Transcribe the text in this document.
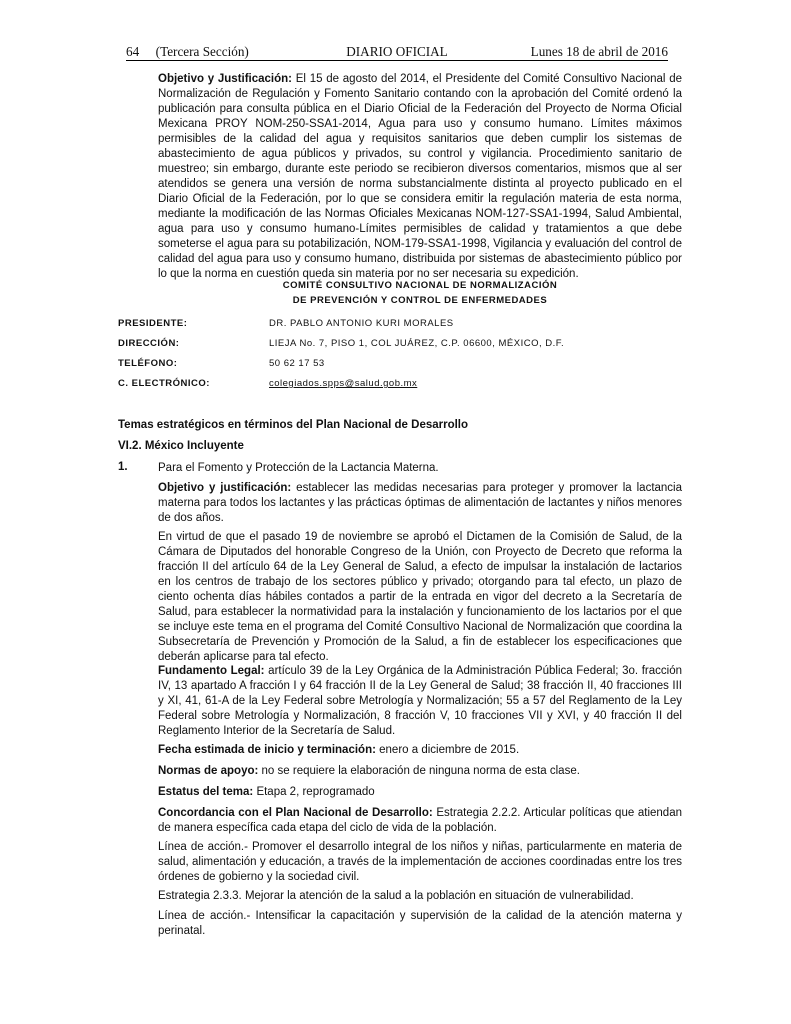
64     (Tercera Sección)	DIARIO OFICIAL	Lunes 18 de abril de 2016

Objetivo y Justificación: El 15 de agosto del 2014, el Presidente del Comité Consultivo Nacional de Normalización de Regulación y Fomento Sanitario contando con la aprobación del Comité ordenó la publicación para consulta pública en el Diario Oficial de la Federación del Proyecto de Norma Oficial Mexicana PROY NOM-250-SSA1-2014, Agua para uso y consumo humano. Límites máximos permisibles de la calidad del agua y requisitos sanitarios que deben cumplir los sistemas de abastecimiento de agua públicos y privados, su control y vigilancia. Procedimiento sanitario de muestreo; sin embargo, durante este periodo se recibieron diversos comentarios, mismos que al ser atendidos se genera una versión de norma substancialmente distinta al proyecto publicado en el Diario Oficial de la Federación, por lo que se considera emitir la regulación materia de esta norma, mediante la modificación de las Normas Oficiales Mexicanas NOM-127-SSA1-1994, Salud Ambiental, agua para uso y consumo humano-Límites permisibles de calidad y tratamientos a que debe someterse el agua para su potabilización, NOM-179-SSA1-1998, Vigilancia y evaluación del control de calidad del agua para uso y consumo humano, distribuida por sistemas de abastecimiento público por lo que la norma en cuestión queda sin materia por no ser necesaria su expedición.

COMITÉ CONSULTIVO NACIONAL DE NORMALIZACIÓN
DE PREVENCIÓN Y CONTROL DE ENFERMEDADES
PRESIDENTE:	DR. PABLO ANTONIO KURI MORALES
DIRECCIÓN:	LIEJA No. 7, PISO 1, COL JUÁREZ, C.P. 06600, MÉXICO, D.F.
TELÉFONO:	50 62 17 53
C. ELECTRÓNICO:	colegiados.spps@salud.gob.mx
Temas estratégicos en términos del Plan Nacional de Desarrollo
VI.2. México Incluyente
1.	Para el Fomento y Protección de la Lactancia Materna.

Objetivo y justificación: establecer las medidas necesarias para proteger y promover la lactancia materna para todos los lactantes y las prácticas óptimas de alimentación de lactantes y niños menores de dos años.

En virtud de que el pasado 19 de noviembre se aprobó el Dictamen de la Comisión de Salud, de la Cámara de Diputados del honorable Congreso de la Unión, con Proyecto de Decreto que reforma la fracción II del artículo 64 de la Ley General de Salud, a efecto de impulsar la instalación de lactarios en los centros de trabajo de los sectores público y privado; otorgando para tal efecto, un plazo de ciento ochenta días hábiles contados a partir de la entrada en vigor del decreto a la Secretaría de Salud, para establecer la normatividad para la instalación y funcionamiento de los lactarios por el que se incluye este tema en el programa del Comité Consultivo Nacional de Normalización que coordina la Subsecretaría de Prevención y Promoción de la Salud, a fin de establecer los especificaciones que deberán aplicarse para tal efecto.

Fundamento Legal: artículo 39 de la Ley Orgánica de la Administración Pública Federal; 3o. fracción IV, 13 apartado A fracción I y 64 fracción II de la Ley General de Salud; 38 fracción II, 40 fracciones III y XI, 41, 61-A de la Ley Federal sobre Metrología y Normalización; 55 a 57 del Reglamento de la Ley Federal sobre Metrología y Normalización, 8 fracción V, 10 fracciones VII y XVI, y 40 fracción II del Reglamento Interior de la Secretaría de Salud.

Fecha estimada de inicio y terminación: enero a diciembre de 2015.

Normas de apoyo: no se requiere la elaboración de ninguna norma de esta clase.

Estatus del tema: Etapa 2, reprogramado

Concordancia con el Plan Nacional de Desarrollo: Estrategia 2.2.2. Articular políticas que atiendan de manera específica cada etapa del ciclo de vida de la población.

Línea de acción.- Promover el desarrollo integral de los niños y niñas, particularmente en materia de salud, alimentación y educación, a través de la implementación de acciones coordinadas entre los tres órdenes de gobierno y la sociedad civil.

Estrategia 2.3.3. Mejorar la atención de la salud a la población en situación de vulnerabilidad.

Línea de acción.- Intensificar la capacitación y supervisión de la calidad de la atención materna y perinatal.
